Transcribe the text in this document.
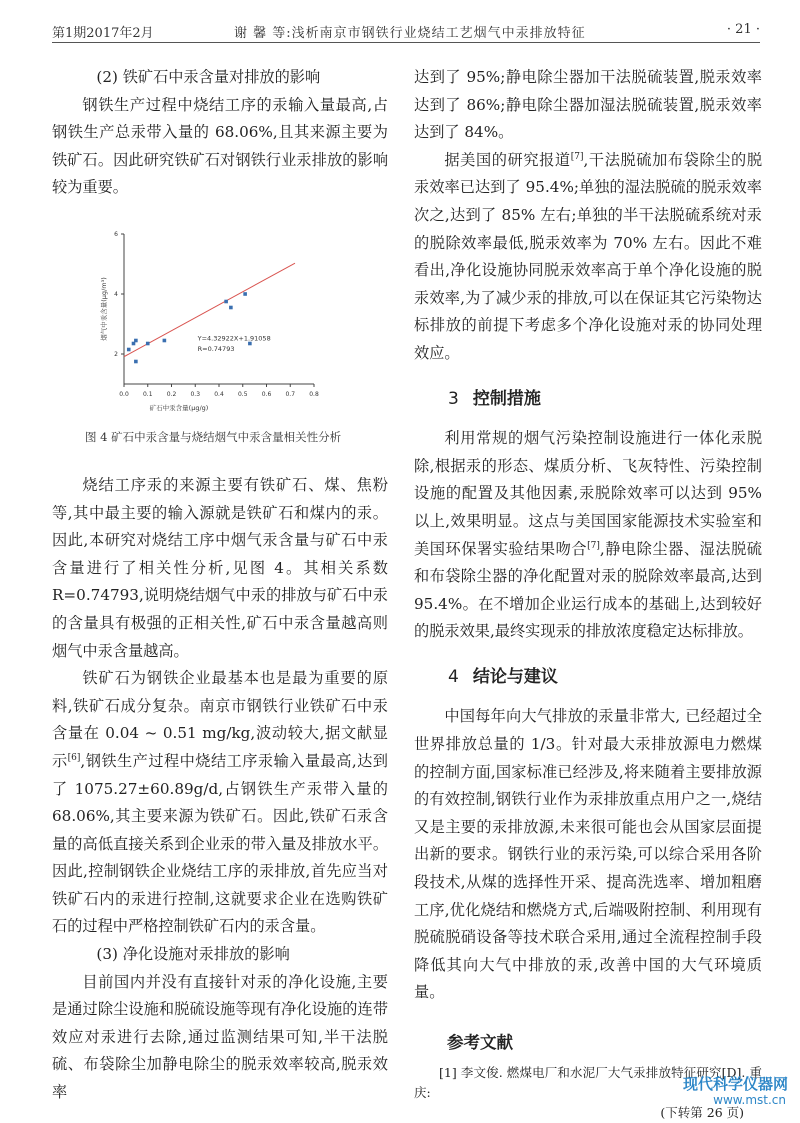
第1期2017年2月	谢 馨 等:浅析南京市钢铁行业烧结工艺烟气中汞排放特征	· 21 ·

(2) 铁矿石中汞含量对排放的影响

钢铁生产过程中烧结工序的汞输入量最高,占钢铁生产总汞带入量的 68.06%,且其来源主要为铁矿石。因此研究铁矿石对钢铁行业汞排放的影响较为重要。

0.0 0.1 0.2 0.3 0.4 0.5 0.6 0.7 0.8
2
4
6
矿石中汞含量(μg/g)
烟气中汞含量(μg/m³)	Y=4.32922X+1.91058
R=0.74793

图 4 矿石中汞含量与烧结烟气中汞含量相关性分析

烧结工序汞的来源主要有铁矿石、煤、焦粉等,其中最主要的输入源就是铁矿石和煤内的汞。因此,本研究对烧结工序中烟气汞含量与矿石中汞含量进行了相关性分析,见图 4。其相关系数 R=0.74793,说明烧结烟气中汞的排放与矿石中汞的含量具有极强的正相关性,矿石中汞含量越高则烟气中汞含量越高。

铁矿石为钢铁企业最基本也是最为重要的原料,铁矿石成分复杂。南京市钢铁行业铁矿石中汞含量在 0.04 ~ 0.51 mg/kg,波动较大,据文献显示[6],钢铁生产过程中烧结工序汞输入量最高,达到了 1075.27±60.89g/d,占钢铁生产汞带入量的 68.06%,其主要来源为铁矿石。因此,铁矿石汞含量的高低直接关系到企业汞的带入量及排放水平。因此,控制钢铁企业烧结工序的汞排放,首先应当对铁矿石内的汞进行控制,这就要求企业在选购铁矿石的过程中严格控制铁矿石内的汞含量。

(3) 净化设施对汞排放的影响

目前国内并没有直接针对汞的净化设施,主要是通过除尘设施和脱硫设施等现有净化设施的连带效应对汞进行去除,通过监测结果可知,半干法脱硫、布袋除尘加静电除尘的脱汞效率较高,脱汞效率

达到了 95%;静电除尘器加干法脱硫装置,脱汞效率达到了 86%;静电除尘器加湿法脱硫装置,脱汞效率达到了 84%。

据美国的研究报道[7],干法脱硫加布袋除尘的脱汞效率已达到了 95.4%;单独的湿法脱硫的脱汞效率次之,达到了 85% 左右;单独的半干法脱硫系统对汞的脱除效率最低,脱汞效率为 70% 左右。因此不难看出,净化设施协同脱汞效率高于单个净化设施的脱汞效率,为了减少汞的排放,可以在保证其它污染物达标排放的前提下考虑多个净化设施对汞的协同处理效应。

3 控制措施

利用常规的烟气污染控制设施进行一体化汞脱除,根据汞的形态、煤质分析、飞灰特性、污染控制设施的配置及其他因素,汞脱除效率可以达到 95% 以上,效果明显。这点与美国国家能源技术实验室和美国环保署实验结果吻合[7],静电除尘器、湿法脱硫和布袋除尘器的净化配置对汞的脱除效率最高,达到 95.4%。在不增加企业运行成本的基础上,达到较好的脱汞效果,最终实现汞的排放浓度稳定达标排放。

4 结论与建议

中国每年向大气排放的汞量非常大, 已经超过全世界排放总量的 1/3。针对最大汞排放源电力燃煤的控制方面,国家标准已经涉及,将来随着主要排放源的有效控制,钢铁行业作为汞排放重点用户之一,烧结又是主要的汞排放源,未来很可能也会从国家层面提出新的要求。钢铁行业的汞污染,可以综合采用各阶段技术,从煤的选择性开采、提高洗选率、增加粗磨工序,优化烧结和燃烧方式,后端吸附控制、利用现有脱硫脱硝设备等技术联合采用,通过全流程控制手段降低其向大气中排放的汞,改善中国的大气环境质量。

参考文献

[1] 李文俊. 燃煤电厂和水泥厂大气汞排放特征研究[D]. 重庆:

(下转第 26 页)

现代科学仪器网
www.mst.cn
